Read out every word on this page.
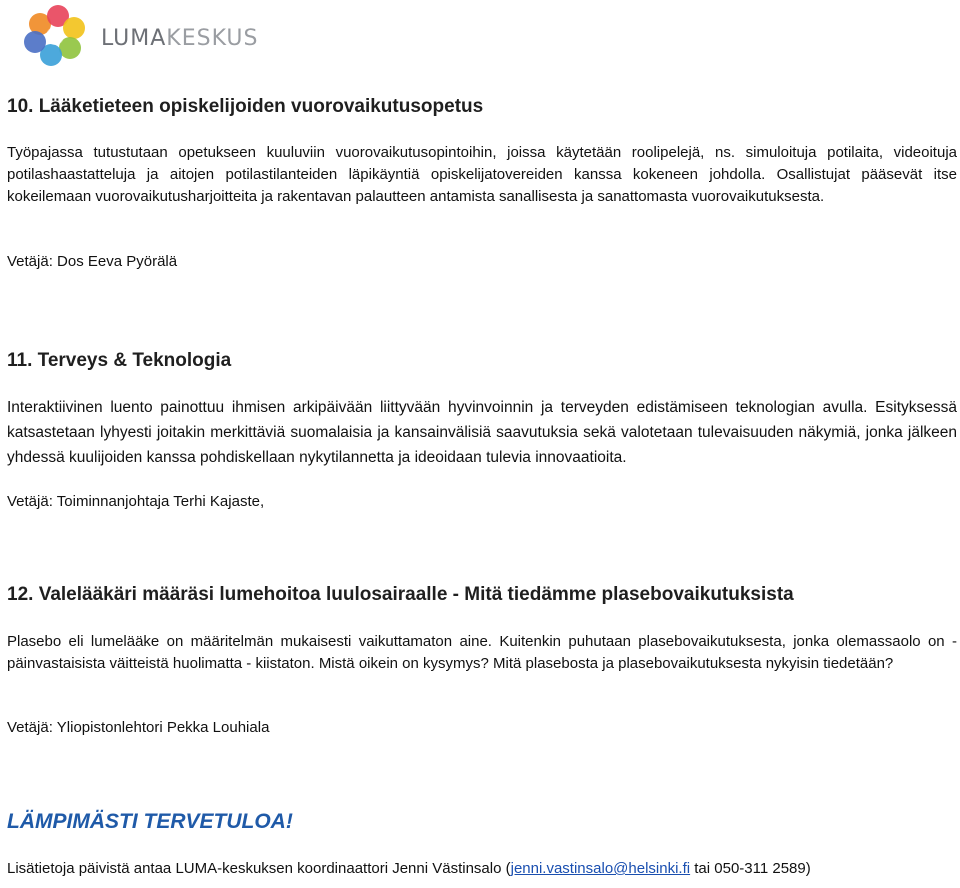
LUMAKESKUS
10. Lääketieteen opiskelijoiden vuorovaikutusopetus

Työpajassa tutustutaan opetukseen kuuluviin vuorovaikutusopintoihin, joissa käytetään roolipelejä, ns. simuloituja potilaita, videoituja potilashaastatteluja ja aitojen potilastilanteiden läpikäyntiä opiskelijatovereiden kanssa kokeneen johdolla. Osallistujat pääsevät itse kokeilemaan vuorovaikutusharjoitteita ja rakentavan palautteen antamista sanallisesta ja sanattomasta vuorovaikutuksesta.

Vetäjä: Dos Eeva Pyörälä
11. Terveys & Teknologia

Interaktiivinen luento painottuu ihmisen arkipäivään liittyvään hyvinvoinnin ja terveyden edistämiseen teknologian avulla. Esityksessä katsastetaan lyhyesti joitakin merkittäviä suomalaisia ja kansainvälisiä saavutuksia sekä valotetaan tulevaisuuden näkymiä, jonka jälkeen yhdessä kuulijoiden kanssa pohdiskellaan nykytilannetta ja ideoidaan tulevia innovaatioita.

Vetäjä: Toiminnanjohtaja Terhi Kajaste,
12. Valelääkäri määräsi lumehoitoa luulosairaalle - Mitä tiedämme plasebovaikutuksista

Plasebo eli lumelääke on määritelmän mukaisesti vaikuttamaton aine. Kuitenkin puhutaan plasebovaikutuksesta, jonka olemassaolo on - päinvastaisista väitteistä huolimatta - kiistaton. Mistä oikein on kysymys? Mitä plasebosta ja plasebovaikutuksesta nykyisin tiedetään?

Vetäjä: Yliopistonlehtori Pekka Louhiala
LÄMPIMÄSTI TERVETULOA!
Lisätietoja päivistä antaa LUMA-keskuksen koordinaattori Jenni Västinsalo (jenni.vastinsalo@helsinki.fi tai 050-311 2589)
